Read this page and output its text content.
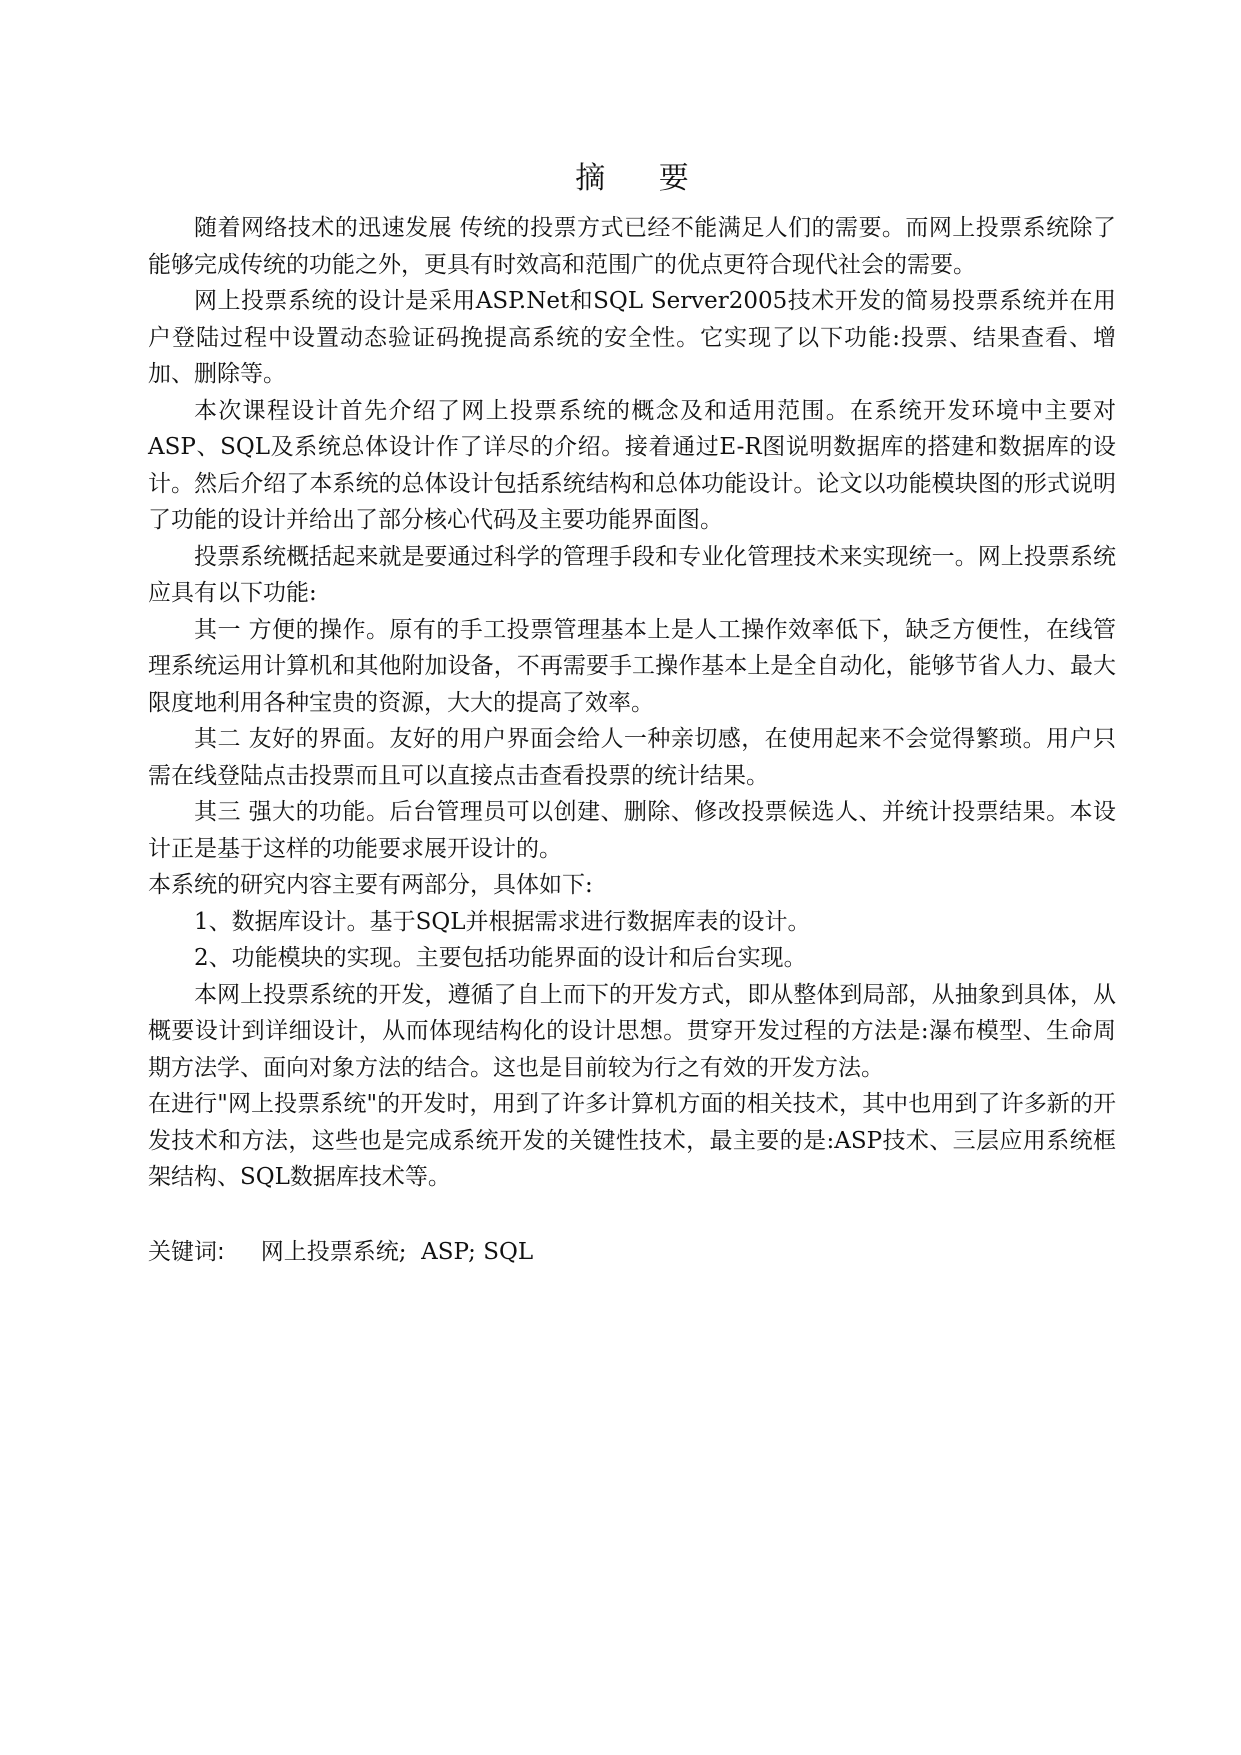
摘 要

随着网络技术的迅速发展 传统的投票方式已经不能满足人们的需要。而网上投票系统除了能够完成传统的功能之外，更具有时效高和范围广的优点更符合现代社会的需要。

网上投票系统的设计是采用ASP.Net和SQL Server2005技术开发的简易投票系统并在用户登陆过程中设置动态验证码挽提高系统的安全性。它实现了以下功能:投票、结果查看、增加、删除等。

本次课程设计首先介绍了网上投票系统的概念及和适用范围。在系统开发环境中主要对ASP、SQL及系统总体设计作了详尽的介绍。接着通过E-R图说明数据库的搭建和数据库的设计。然后介绍了本系统的总体设计包括系统结构和总体功能设计。论文以功能模块图的形式说明了功能的设计并给出了部分核心代码及主要功能界面图。

投票系统概括起来就是要通过科学的管理手段和专业化管理技术来实现统一。网上投票系统应具有以下功能:

其一 方便的操作。原有的手工投票管理基本上是人工操作效率低下，缺乏方便性，在线管理系统运用计算机和其他附加设备，不再需要手工操作基本上是全自动化，能够节省人力、最大限度地利用各种宝贵的资源，大大的提高了效率。

其二 友好的界面。友好的用户界面会给人一种亲切感，在使用起来不会觉得繁琐。用户只需在线登陆点击投票而且可以直接点击查看投票的统计结果。

其三 强大的功能。后台管理员可以创建、删除、修改投票候选人、并统计投票结果。本设计正是基于这样的功能要求展开设计的。

本系统的研究内容主要有两部分，具体如下:

1、数据库设计。基于SQL并根据需求进行数据库表的设计。

2、功能模块的实现。主要包括功能界面的设计和后台实现。

本网上投票系统的开发，遵循了自上而下的开发方式，即从整体到局部，从抽象到具体，从概要设计到详细设计，从而体现结构化的设计思想。贯穿开发过程的方法是:瀑布模型、生命周期方法学、面向对象方法的结合。这也是目前较为行之有效的开发方法。

在进行"网上投票系统"的开发时，用到了许多计算机方面的相关技术，其中也用到了许多新的开发技术和方法，这些也是完成系统开发的关键性技术，最主要的是:ASP技术、三层应用系统框架结构、SQL数据库技术等。

关键词: 网上投票系统;  ASP; SQL
